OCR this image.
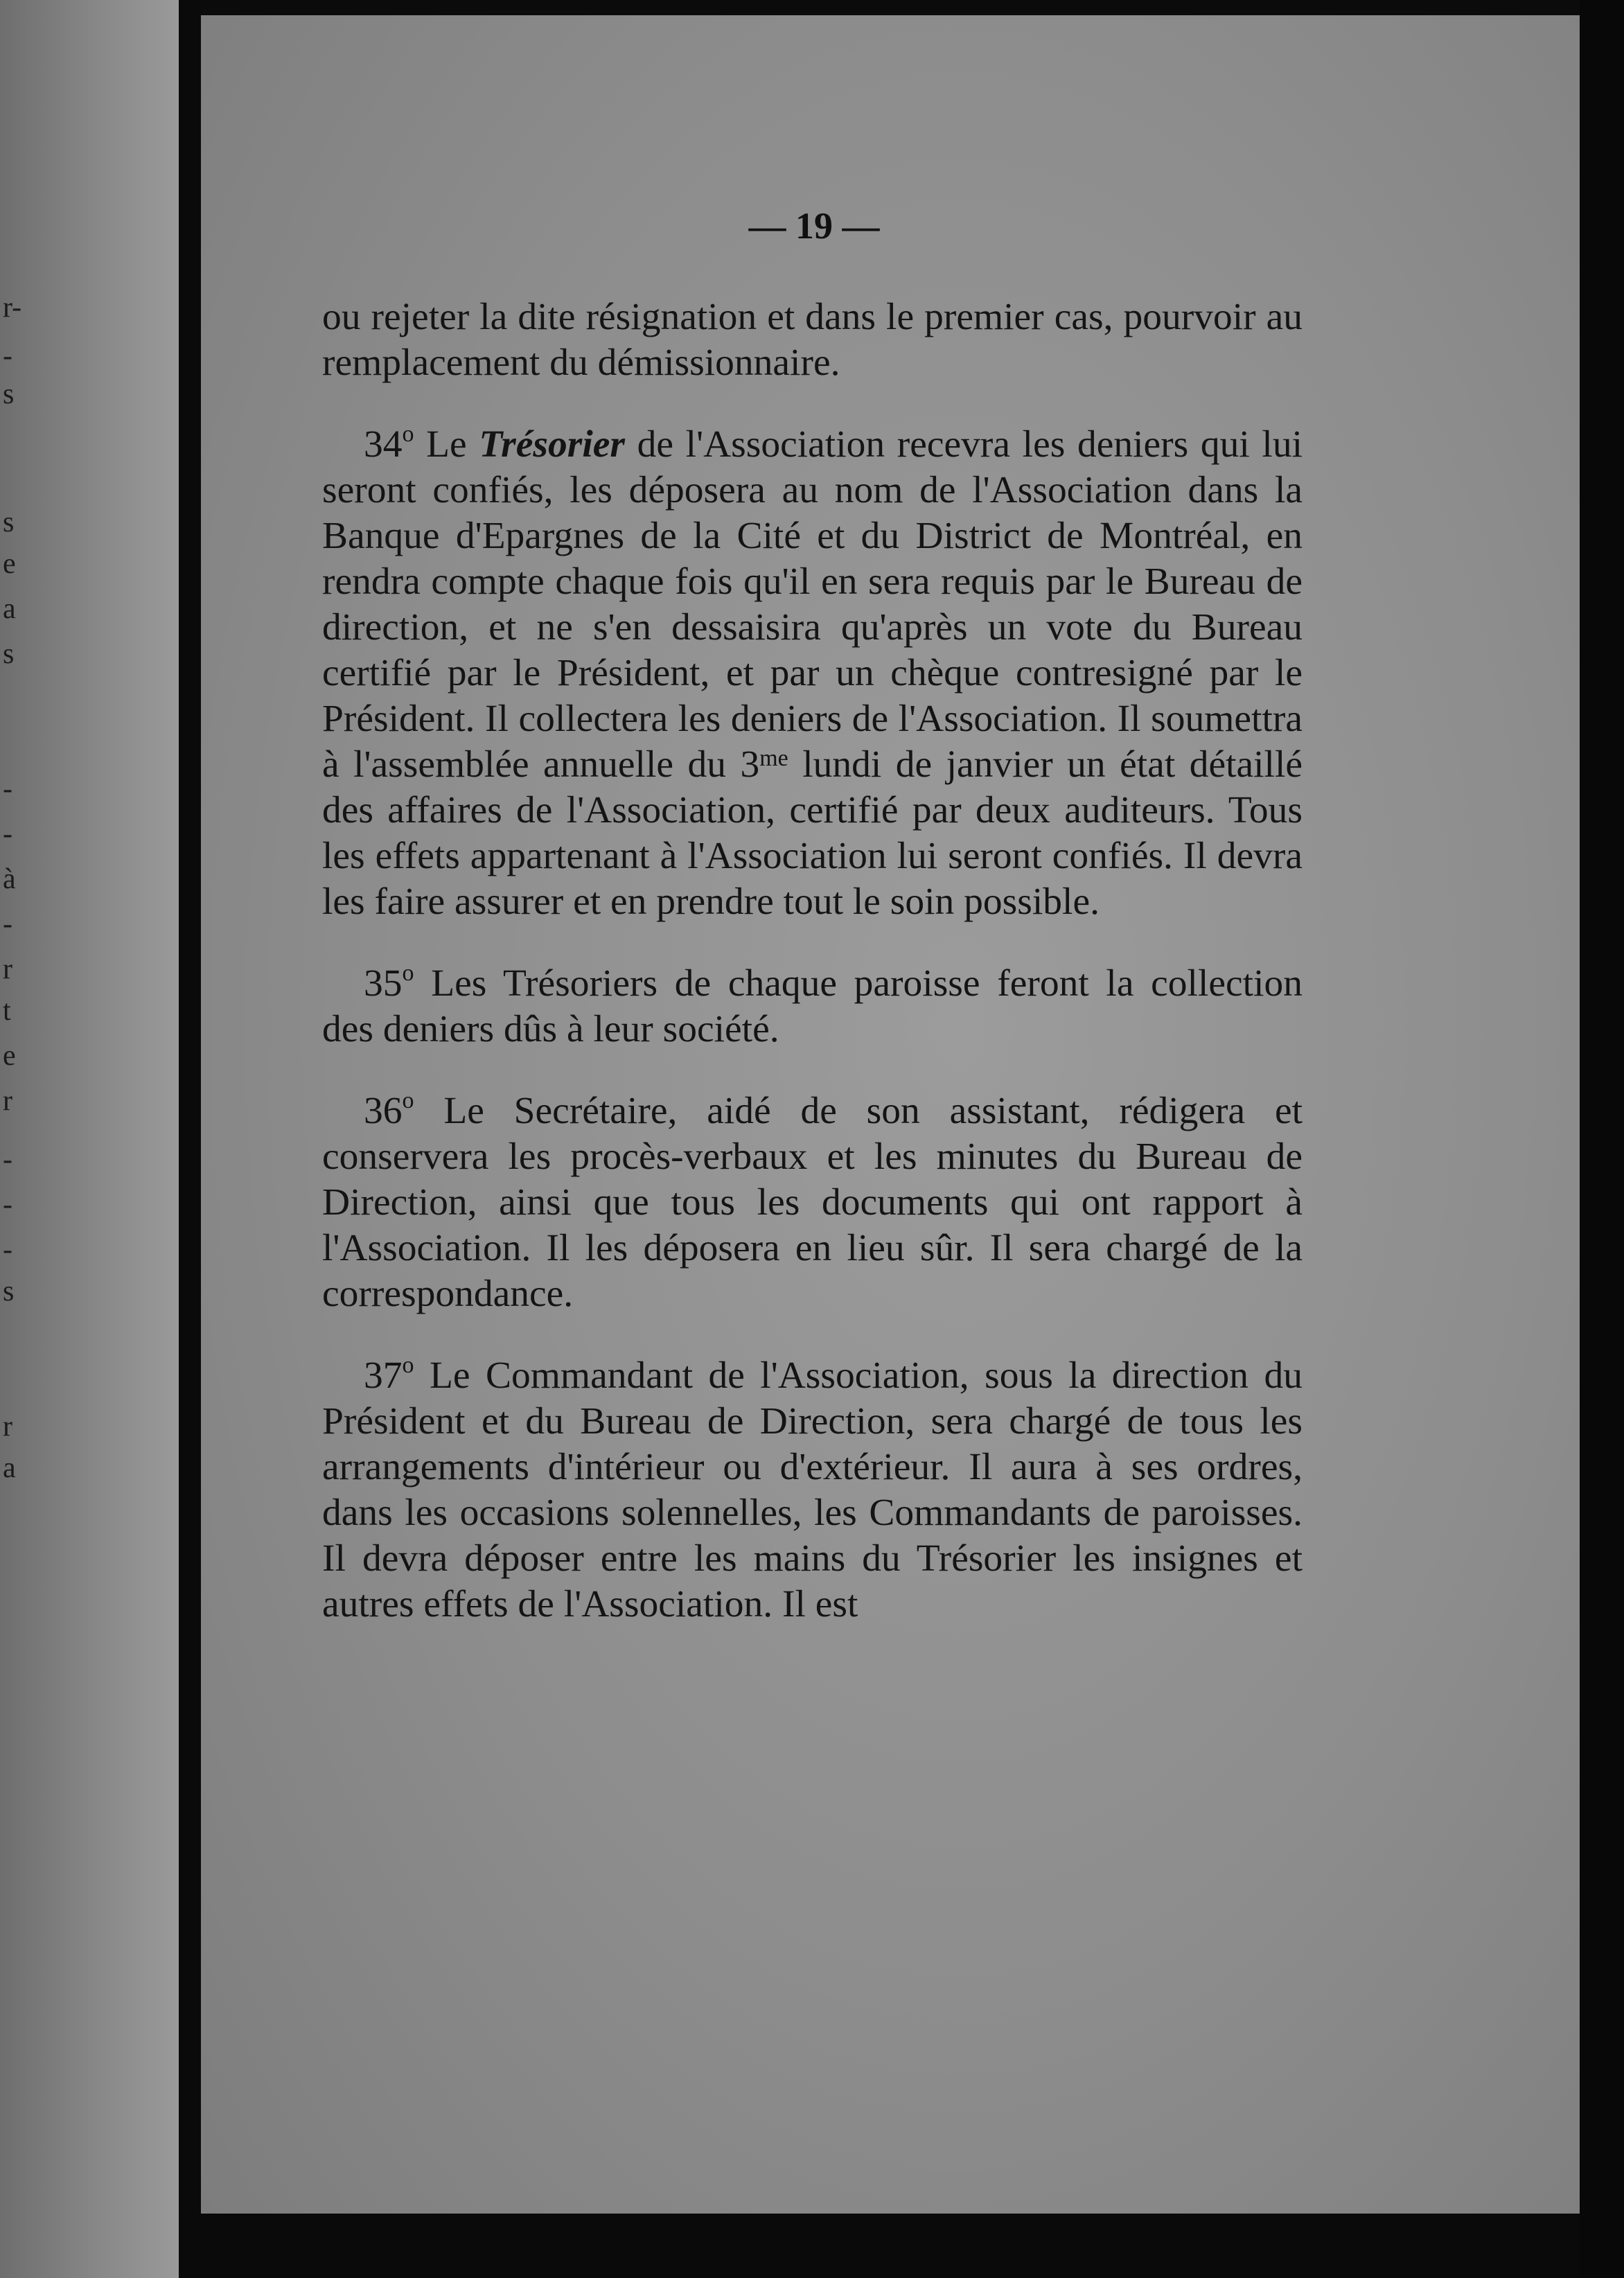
r-
-
s
s
e
a
s
-
-
à
-
r
t
e
r
-
-
-
s
r
a
— 19 —

ou rejeter la dite résignation et dans le premier cas, pourvoir au remplacement du démissionnaire.

34$^o$ Le Trésorier de l'Association recevra les deniers qui lui seront confiés, les déposera au nom de l'Association dans la Banque d'Epargnes de la Cité et du District de Montréal, en rendra compte chaque fois qu'il en sera requis par le Bureau de direction, et ne s'en dessaisira qu'après un vote du Bureau certifié par le Président, et par un chèque contresigné par le Président. Il collectera les deniers de l'Association. Il soumettra à l'assemblée annuelle du $3^{me}$ lundi de janvier un état détaillé des affaires de l'Association, certifié par deux auditeurs. Tous les effets appartenant à l'Association lui seront confiés. Il devra les faire assurer et en prendre tout le soin possible.

35$^o$ Les Trésoriers de chaque paroisse feront la collection des deniers dûs à leur société.

36$^o$ Le Secrétaire, aidé de son assistant, rédigera et conservera les procès-verbaux et les minutes du Bureau de Direction, ainsi que tous les documents qui ont rapport à l'Association. Il les déposera en lieu sûr. Il sera chargé de la correspondance.

37$^o$ Le Commandant de l'Association, sous la direction du Président et du Bureau de Direction, sera chargé de tous les arrangements d'intérieur ou d'extérieur. Il aura à ses ordres, dans les occasions solennelles, les Commandants de paroisses. Il devra déposer entre les mains du Trésorier les insignes et autres effets de l'Association. Il est
